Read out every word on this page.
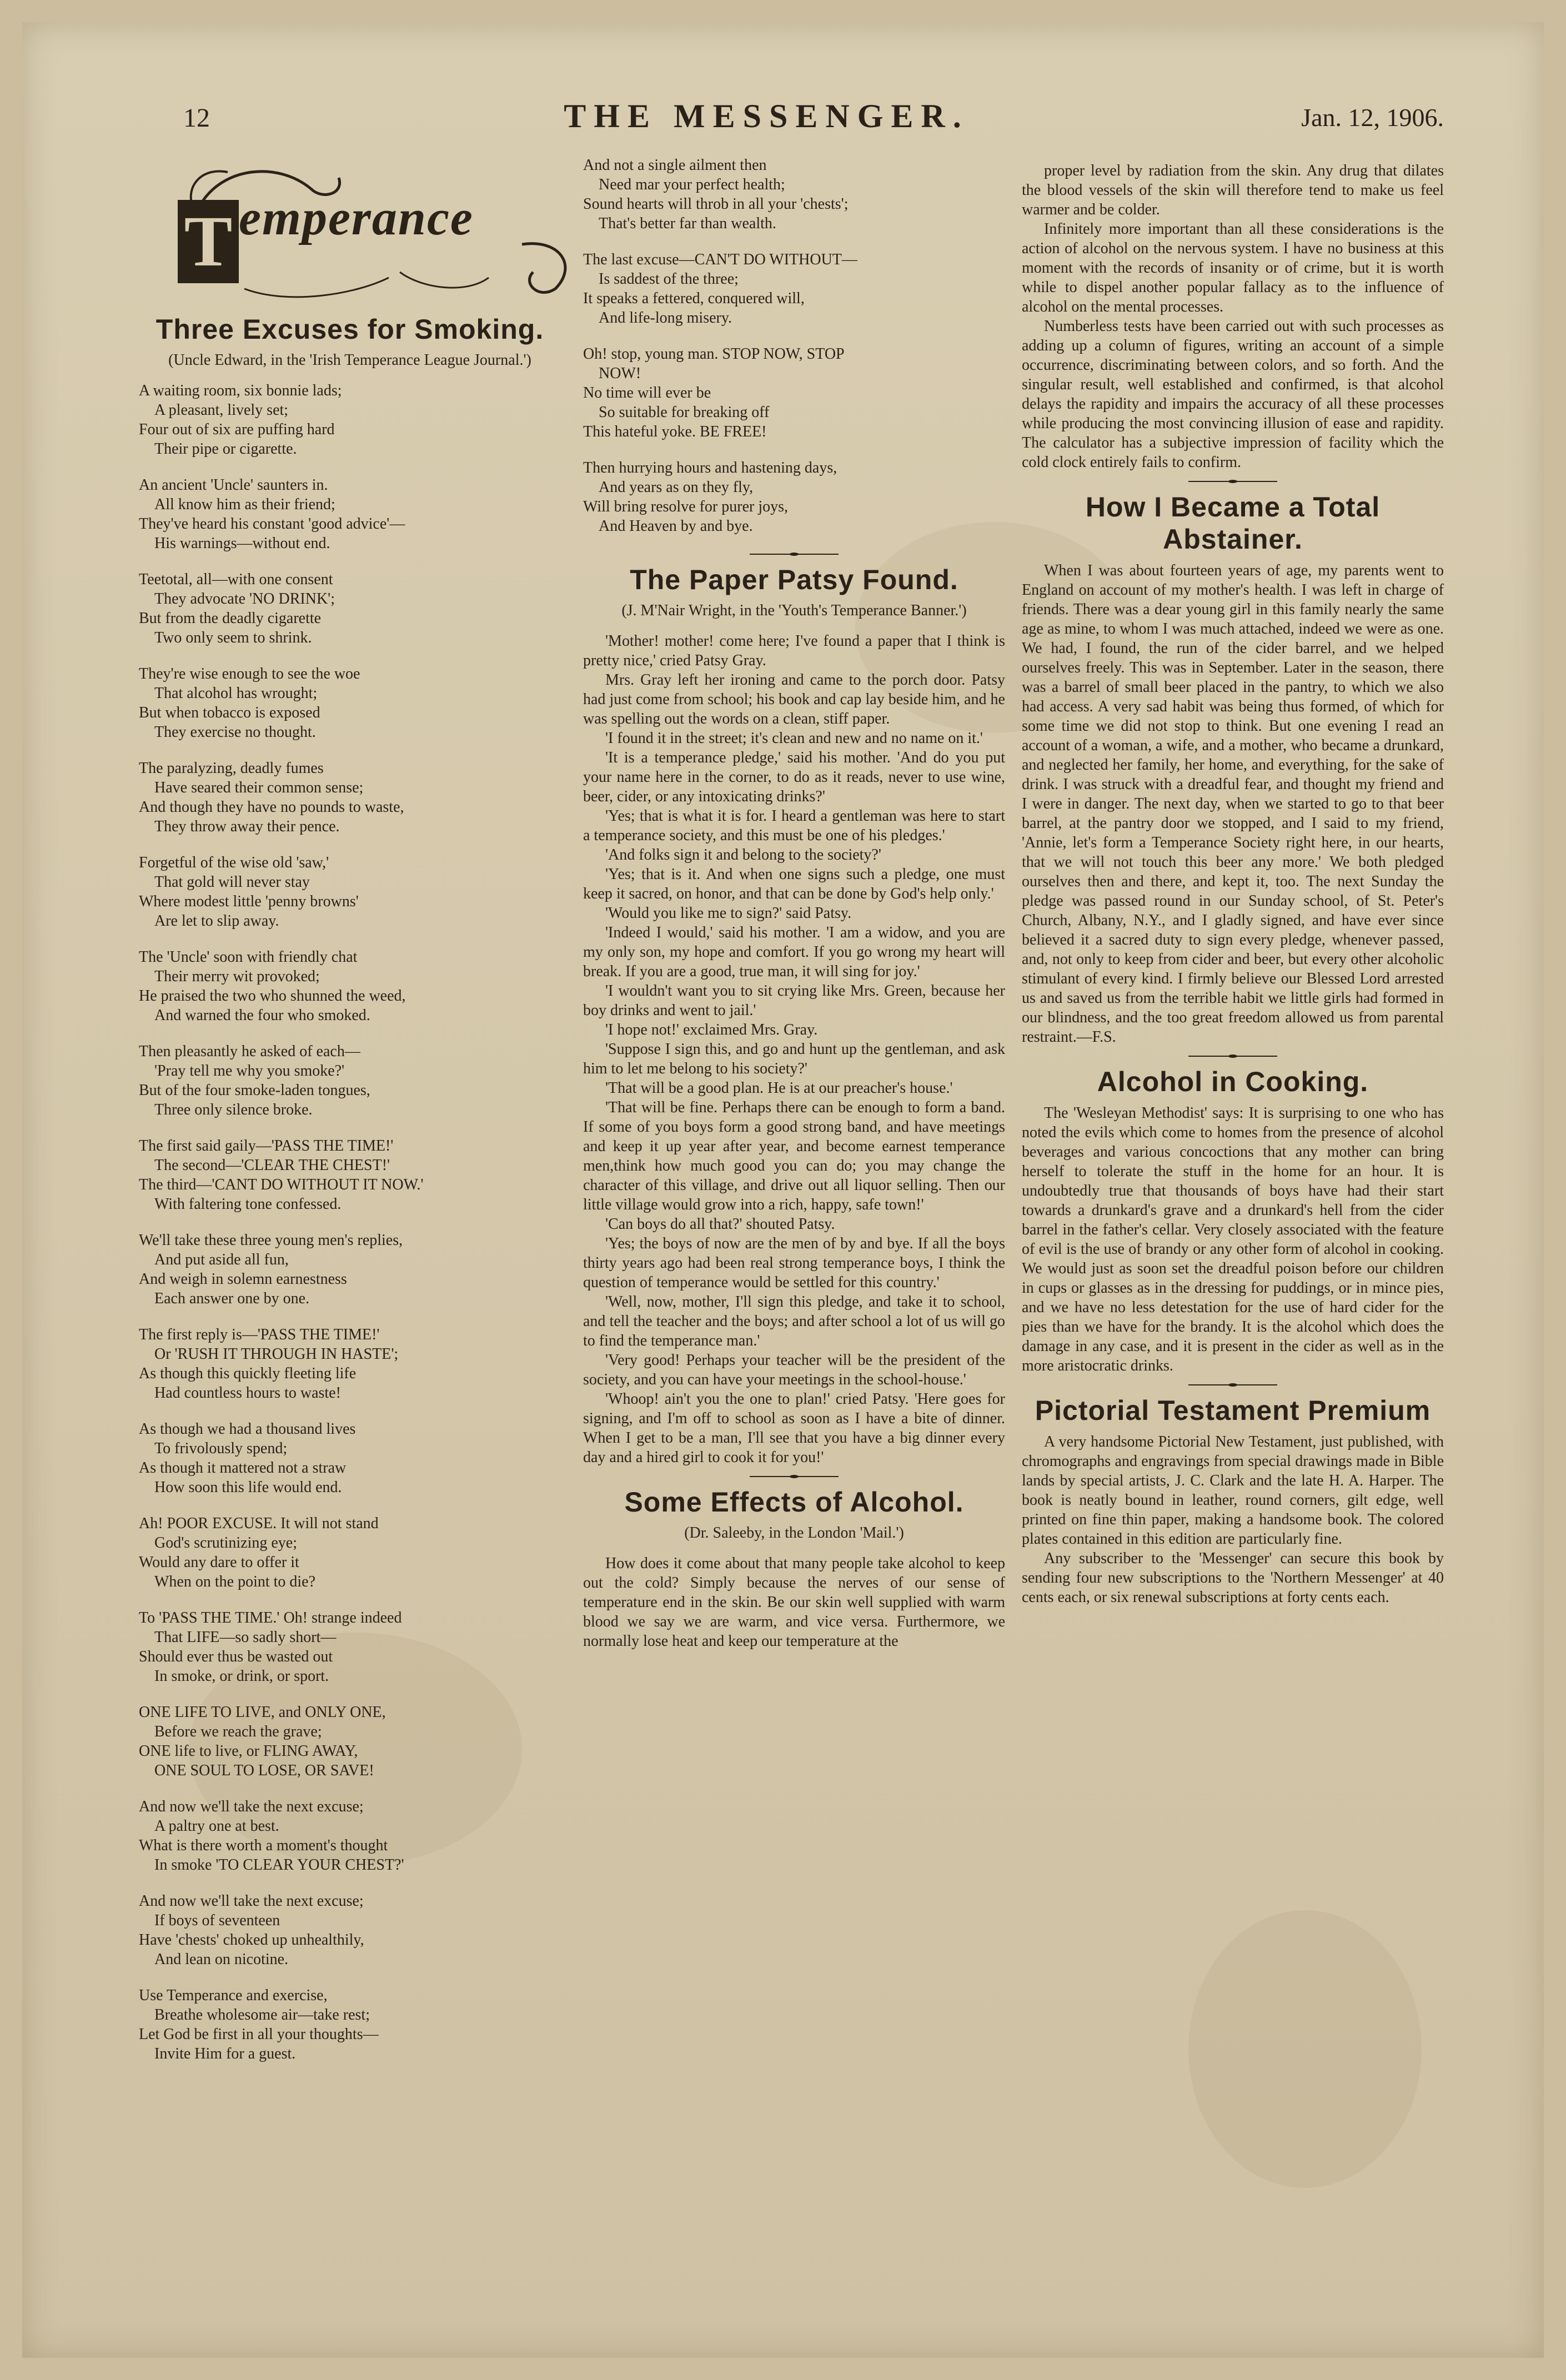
12	THE MESSENGER.	Jan. 12, 1906.
T emperance
Three Excuses for Smoking.
(Uncle Edward, in the 'Irish Temperance League Journal.')
A waiting room, six bonnie lads;
A pleasant, lively set;
Four out of six are puffing hard
Their pipe or cigarette.
An ancient 'Uncle' saunters in.
All know him as their friend;
They've heard his constant 'good advice'—
His warnings—without end.
Teetotal, all—with one consent
They advocate 'NO DRINK';
But from the deadly cigarette
Two only seem to shrink.
They're wise enough to see the woe
That alcohol has wrought;
But when tobacco is exposed
They exercise no thought.
The paralyzing, deadly fumes
Have seared their common sense;
And though they have no pounds to waste,
They throw away their pence.
Forgetful of the wise old 'saw,'
That gold will never stay
Where modest little 'penny browns'
Are let to slip away.
The 'Uncle' soon with friendly chat
Their merry wit provoked;
He praised the two who shunned the weed,
And warned the four who smoked.
Then pleasantly he asked of each—
'Pray tell me why you smoke?'
But of the four smoke-laden tongues,
Three only silence broke.
The first said gaily—'PASS THE TIME!'
The second—'CLEAR THE CHEST!'
The third—'CANT DO WITHOUT IT NOW.'
With faltering tone confessed.
We'll take these three young men's replies,
And put aside all fun,
And weigh in solemn earnestness
Each answer one by one.
The first reply is—'PASS THE TIME!'
Or 'RUSH IT THROUGH IN HASTE';
As though this quickly fleeting life
Had countless hours to waste!
As though we had a thousand lives
To frivolously spend;
As though it mattered not a straw
How soon this life would end.
Ah! POOR EXCUSE. It will not stand
God's scrutinizing eye;
Would any dare to offer it
When on the point to die?
To 'PASS THE TIME.' Oh! strange indeed
That LIFE—so sadly short—
Should ever thus be wasted out
In smoke, or drink, or sport.
ONE LIFE TO LIVE, and ONLY ONE,
Before we reach the grave;
ONE life to live, or FLING AWAY,
ONE SOUL TO LOSE, OR SAVE!
And now we'll take the next excuse;
A paltry one at best.
What is there worth a moment's thought
In smoke 'TO CLEAR YOUR CHEST?'
And now we'll take the next excuse;
If boys of seventeen
Have 'chests' choked up unhealthily,
And lean on nicotine.
Use Temperance and exercise,
Breathe wholesome air—take rest;
Let God be first in all your thoughts—
Invite Him for a guest.
And not a single ailment then
Need mar your perfect health;
Sound hearts will throb in all your 'chests';
That's better far than wealth.
The last excuse—CAN'T DO WITHOUT—
Is saddest of the three;
It speaks a fettered, conquered will,
And life-long misery.
Oh! stop, young man. STOP NOW, STOP
NOW!
No time will ever be
So suitable for breaking off
This hateful yoke. BE FREE!
Then hurrying hours and hastening days,
And years as on they fly,
Will bring resolve for purer joys,
And Heaven by and bye.
The Paper Patsy Found.
(J. M'Nair Wright, in the 'Youth's Temperance Banner.')

'Mother! mother! come here; I've found a paper that I think is pretty nice,' cried Patsy Gray.

Mrs. Gray left her ironing and came to the porch door. Patsy had just come from school; his book and cap lay beside him, and he was spelling out the words on a clean, stiff paper.

'I found it in the street; it's clean and new and no name on it.'

'It is a temperance pledge,' said his mother. 'And do you put your name here in the corner, to do as it reads, never to use wine, beer, cider, or any intoxicating drinks?'

'Yes; that is what it is for. I heard a gentleman was here to start a temperance society, and this must be one of his pledges.'

'And folks sign it and belong to the society?'

'Yes; that is it. And when one signs such a pledge, one must keep it sacred, on honor, and that can be done by God's help only.'

'Would you like me to sign?' said Patsy.

'Indeed I would,' said his mother. 'I am a widow, and you are my only son, my hope and comfort. If you go wrong my heart will break. If you are a good, true man, it will sing for joy.'

'I wouldn't want you to sit crying like Mrs. Green, because her boy drinks and went to jail.'

'I hope not!' exclaimed Mrs. Gray.

'Suppose I sign this, and go and hunt up the gentleman, and ask him to let me belong to his society?'

'That will be a good plan. He is at our preacher's house.'

'That will be fine. Perhaps there can be enough to form a band. If some of you boys form a good strong band, and have meetings and keep it up year after year, and become earnest temperance men,think how much good you can do; you may change the character of this village, and drive out all liquor selling. Then our little village would grow into a rich, happy, safe town!'

'Can boys do all that?' shouted Patsy.

'Yes; the boys of now are the men of by and bye. If all the boys thirty years ago had been real strong temperance boys, I think the question of temperance would be settled for this country.'

'Well, now, mother, I'll sign this pledge, and take it to school, and tell the teacher and the boys; and after school a lot of us will go to find the temperance man.'

'Very good! Perhaps your teacher will be the president of the society, and you can have your meetings in the school-house.'

'Whoop! ain't you the one to plan!' cried Patsy. 'Here goes for signing, and I'm off to school as soon as I have a bite of dinner. When I get to be a man, I'll see that you have a big dinner every day and a hired girl to cook it for you!'

Some Effects of Alcohol.
(Dr. Saleeby, in the London 'Mail.')

How does it come about that many people take alcohol to keep out the cold? Simply because the nerves of our sense of temperature end in the skin. Be our skin well supplied with warm blood we say we are warm, and vice versa. Furthermore, we normally lose heat and keep our temperature at the

proper level by radiation from the skin. Any drug that dilates the blood vessels of the skin will therefore tend to make us feel warmer and be colder.

Infinitely more important than all these considerations is the action of alcohol on the nervous system. I have no business at this moment with the records of insanity or of crime, but it is worth while to dispel another popular fallacy as to the influence of alcohol on the mental processes.

Numberless tests have been carried out with such processes as adding up a column of figures, writing an account of a simple occurrence, discriminating between colors, and so forth. And the singular result, well established and confirmed, is that alcohol delays the rapidity and impairs the accuracy of all these processes while producing the most convincing illusion of ease and rapidity. The calculator has a subjective impression of facility which the cold clock entirely fails to confirm.

How I Became a Total Abstainer.

When I was about fourteen years of age, my parents went to England on account of my mother's health. I was left in charge of friends. There was a dear young girl in this family nearly the same age as mine, to whom I was much attached, indeed we were as one. We had, I found, the run of the cider barrel, and we helped ourselves freely. This was in September. Later in the season, there was a barrel of small beer placed in the pantry, to which we also had access. A very sad habit was being thus formed, of which for some time we did not stop to think. But one evening I read an account of a woman, a wife, and a mother, who became a drunkard, and neglected her family, her home, and everything, for the sake of drink. I was struck with a dreadful fear, and thought my friend and I were in danger. The next day, when we started to go to that beer barrel, at the pantry door we stopped, and I said to my friend, 'Annie, let's form a Temperance Society right here, in our hearts, that we will not touch this beer any more.' We both pledged ourselves then and there, and kept it, too. The next Sunday the pledge was passed round in our Sunday school, of St. Peter's Church, Albany, N.Y., and I gladly signed, and have ever since believed it a sacred duty to sign every pledge, whenever passed, and, not only to keep from cider and beer, but every other alcoholic stimulant of every kind. I firmly believe our Blessed Lord arrested us and saved us from the terrible habit we little girls had formed in our blindness, and the too great freedom allowed us from parental restraint.—F.S.

Alcohol in Cooking.

The 'Wesleyan Methodist' says: It is surprising to one who has noted the evils which come to homes from the presence of alcohol beverages and various concoctions that any mother can bring herself to tolerate the stuff in the home for an hour. It is undoubtedly true that thousands of boys have had their start towards a drunkard's grave and a drunkard's hell from the cider barrel in the father's cellar. Very closely associated with the feature of evil is the use of brandy or any other form of alcohol in cooking. We would just as soon set the dreadful poison before our children in cups or glasses as in the dressing for puddings, or in mince pies, and we have no less detestation for the use of hard cider for the pies than we have for the brandy. It is the alcohol which does the damage in any case, and it is present in the cider as well as in the more aristocratic drinks.

Pictorial Testament Premium

A very handsome Pictorial New Testament, just published, with chromographs and engravings from special drawings made in Bible lands by special artists, J. C. Clark and the late H. A. Harper. The book is neatly bound in leather, round corners, gilt edge, well printed on fine thin paper, making a handsome book. The colored plates contained in this edition are particularly fine.

Any subscriber to the 'Messenger' can secure this book by sending four new subscriptions to the 'Northern Messenger' at 40 cents each, or six renewal subscriptions at forty cents each.
